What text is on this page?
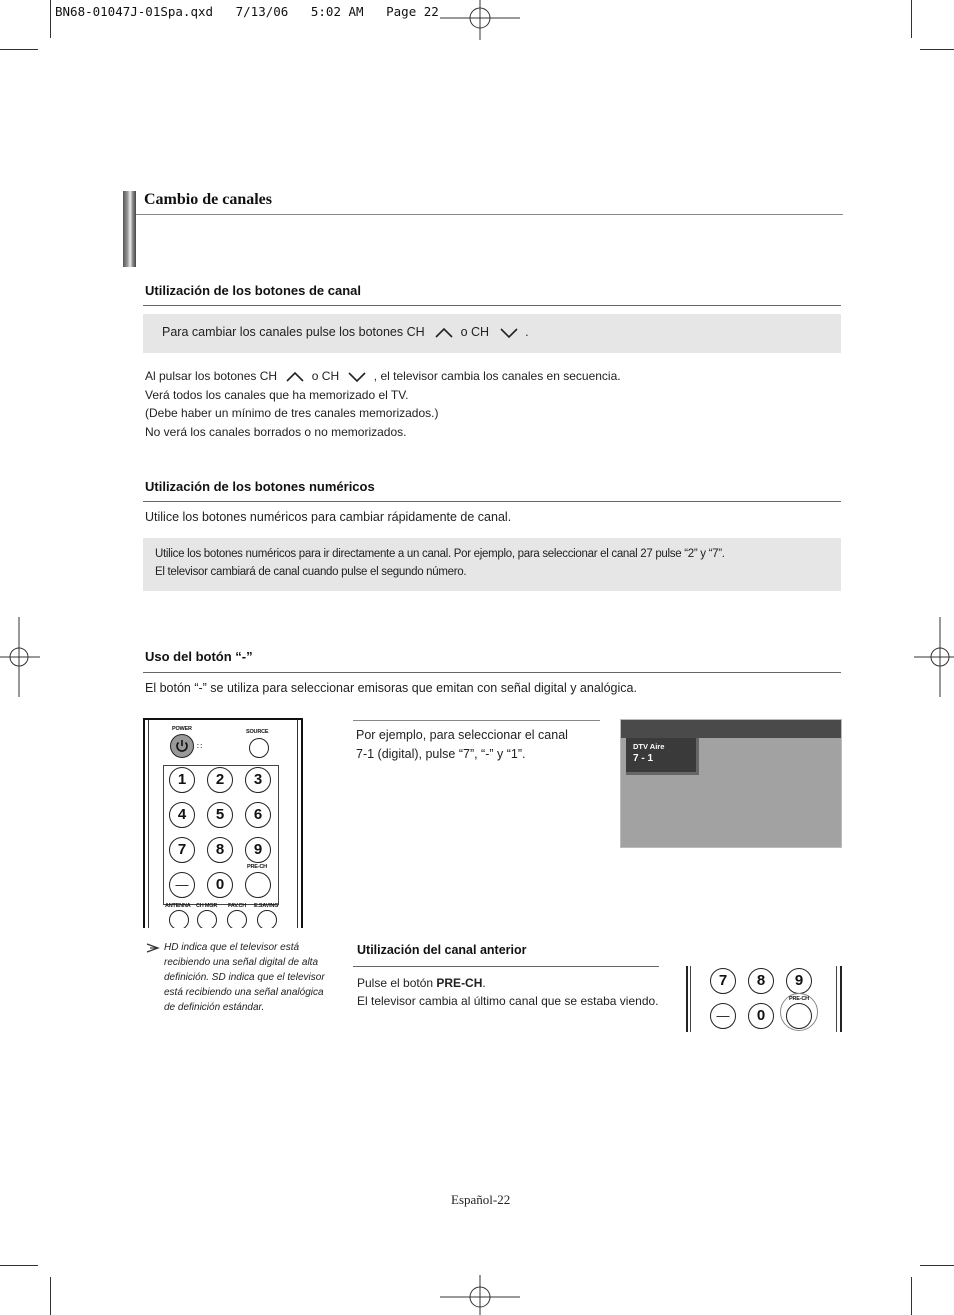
BN68-01047J-01Spa.qxd   7/13/06   5:02 AM   Page 22
Cambio de canales
Utilización de los botones de canal
Para cambiar los canales pulse los botones CH	o CH	.
Al pulsar los botones CH	o CH	, el televisor cambia los canales en secuencia.
Verá todos los canales que ha memorizado el TV.
(Debe haber un mínimo de tres canales memorizados.)
No verá los canales borrados o no memorizados.
Utilización de los botones numéricos
Utilice los botones numéricos para cambiar rápidamente de canal.
Utilice los botones numéricos para ir directamente a un canal. Por ejemplo, para seleccionar el canal 27 pulse “2” y “7”.
El televisor cambiará de canal cuando pulse el segundo número.
Uso del botón “-”
El botón “-” se utiliza para seleccionar emisoras que emitan con señal digital y analógica.
POWER	SOURCE
∷
1	2	3
4	5	6
7	8	9
—	0
PRE-CH
ANTENNA CH MGR FAV.CH E.SAVING
Por ejemplo, para seleccionar el canal
7-1 (digital), pulse “7”, “-” y “1”.	DTV Aire
7 - 1
HD indica que el televisor está
recibiendo una señal digital de alta
definición. SD indica que el televisor
está recibiendo una señal analógica
de definición estándar.
Utilización del canal anterior
Pulse el botón PRE-CH.
El televisor cambia al último canal que se estaba viendo.
7	8	9
—	0
PRE-CH
Español-22
